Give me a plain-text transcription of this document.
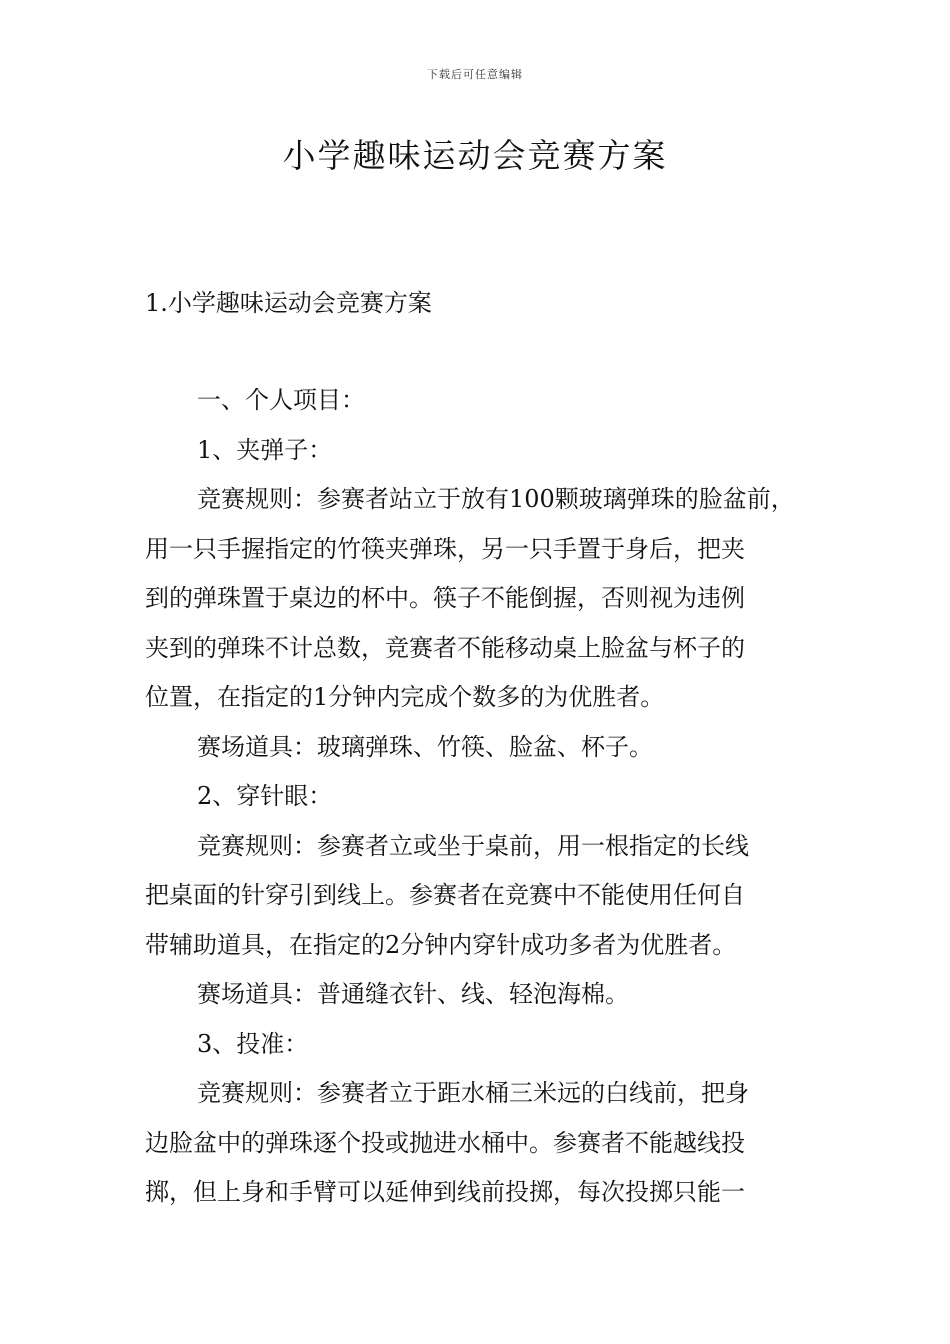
下载后可任意编辑
小学趣味运动会竞赛方案
1.小学趣味运动会竞赛方案

一、个人项目：

1、夹弹子：

竞赛规则：参赛者站立于放有100颗玻璃弹珠的脸盆前，
用一只手握指定的竹筷夹弹珠，另一只手置于身后，把夹
到的弹珠置于桌边的杯中。筷子不能倒握，否则视为违例
夹到的弹珠不计总数，竞赛者不能移动桌上脸盆与杯子的
位置，在指定的1分钟内完成个数多的为优胜者。

赛场道具：玻璃弹珠、竹筷、脸盆、杯子。

2、穿针眼：

竞赛规则：参赛者立或坐于桌前，用一根指定的长线
把桌面的针穿引到线上。参赛者在竞赛中不能使用任何自
带辅助道具，在指定的2分钟内穿针成功多者为优胜者。

赛场道具：普通缝衣针、线、轻泡海棉。

3、投准：

竞赛规则：参赛者立于距水桶三米远的白线前，把身
边脸盆中的弹珠逐个投或抛进水桶中。参赛者不能越线投
掷，但上身和手臂可以延伸到线前投掷，每次投掷只能一
